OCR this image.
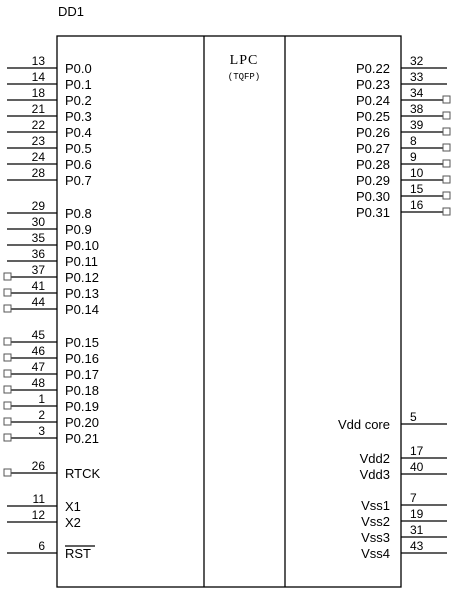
DD1
LPC
(TQFP)
13 P0.0
14 P0.1
18 P0.2
21 P0.3
22 P0.4
23 P0.5
24 P0.6
28 P0.7
29 P0.8
30 P0.9
35 P0.10
36 P0.11
37 P0.12
41 P0.13
44 P0.14
45 P0.15
46 P0.16
47 P0.17
48 P0.18
1 P0.19
2 P0.20
3 P0.21
26 RTCK
11 X1
12 X2
6 RST
32
P0.22
33
P0.23
34
P0.24
38
P0.25
39
P0.26
8
P0.27
9
P0.28
10
P0.29
15
P0.30
16
P0.31
5
Vdd core
17
Vdd2
40
Vdd3
7
Vss1
19
Vss2
31
Vss3
43
Vss4
